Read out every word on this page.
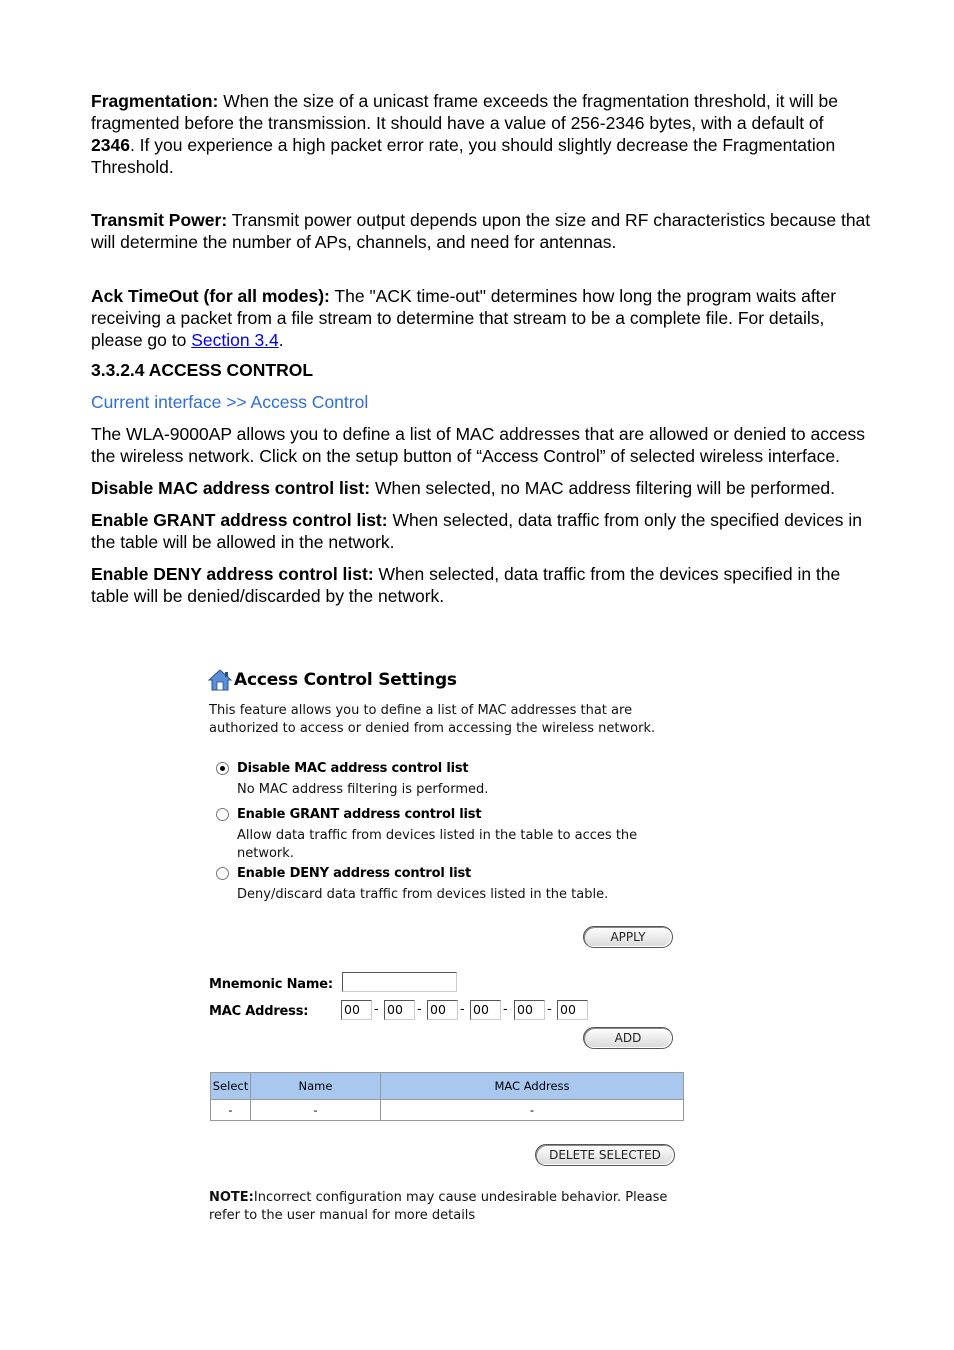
Fragmentation: When the size of a unicast frame exceeds the fragmentation threshold, it will be fragmented before the transmission. It should have a value of 256-2346 bytes, with a default of 2346. If you experience a high packet error rate, you should slightly decrease the Fragmentation Threshold.

Transmit Power: Transmit power output depends upon the size and RF characteristics because that will determine the number of APs, channels, and need for antennas.

Ack TimeOut (for all modes): The "ACK time-out" determines how long the program waits after receiving a packet from a file stream to determine that stream to be a complete file. For details, please go to Section 3.4.

3.3.2.4 ACCESS CONTROL

Current interface >> Access Control

The WLA-9000AP allows you to define a list of MAC addresses that are allowed or denied to access the wireless network. Click on the setup button of “Access Control” of selected wireless interface.

Disable MAC address control list: When selected, no MAC address filtering will be performed.

Enable GRANT address control list: When selected, data traffic from only the specified devices in the table will be allowed in the network.

Enable DENY address control list: When selected, data traffic from the devices specified in the table will be denied/discarded by the network.

Access Control Settings
This feature allows you to define a list of MAC addresses that are authorized to access or denied from accessing the wireless network.
Disable MAC address control list
No MAC address filtering is performed.
Enable GRANT address control list
Allow data traffic from devices listed in the table to acces the network.
Enable DENY address control list
Deny/discard data traffic from devices listed in the table.
APPLY
Mnemonic Name:
MAC Address:	00	- 00	- 00	- 00	- 00	- 00
ADD
Select	Name	MAC Address
-	-	-
DELETE SELECTED
NOTE:Incorrect configuration may cause undesirable behavior. Please refer to the user manual for more details
